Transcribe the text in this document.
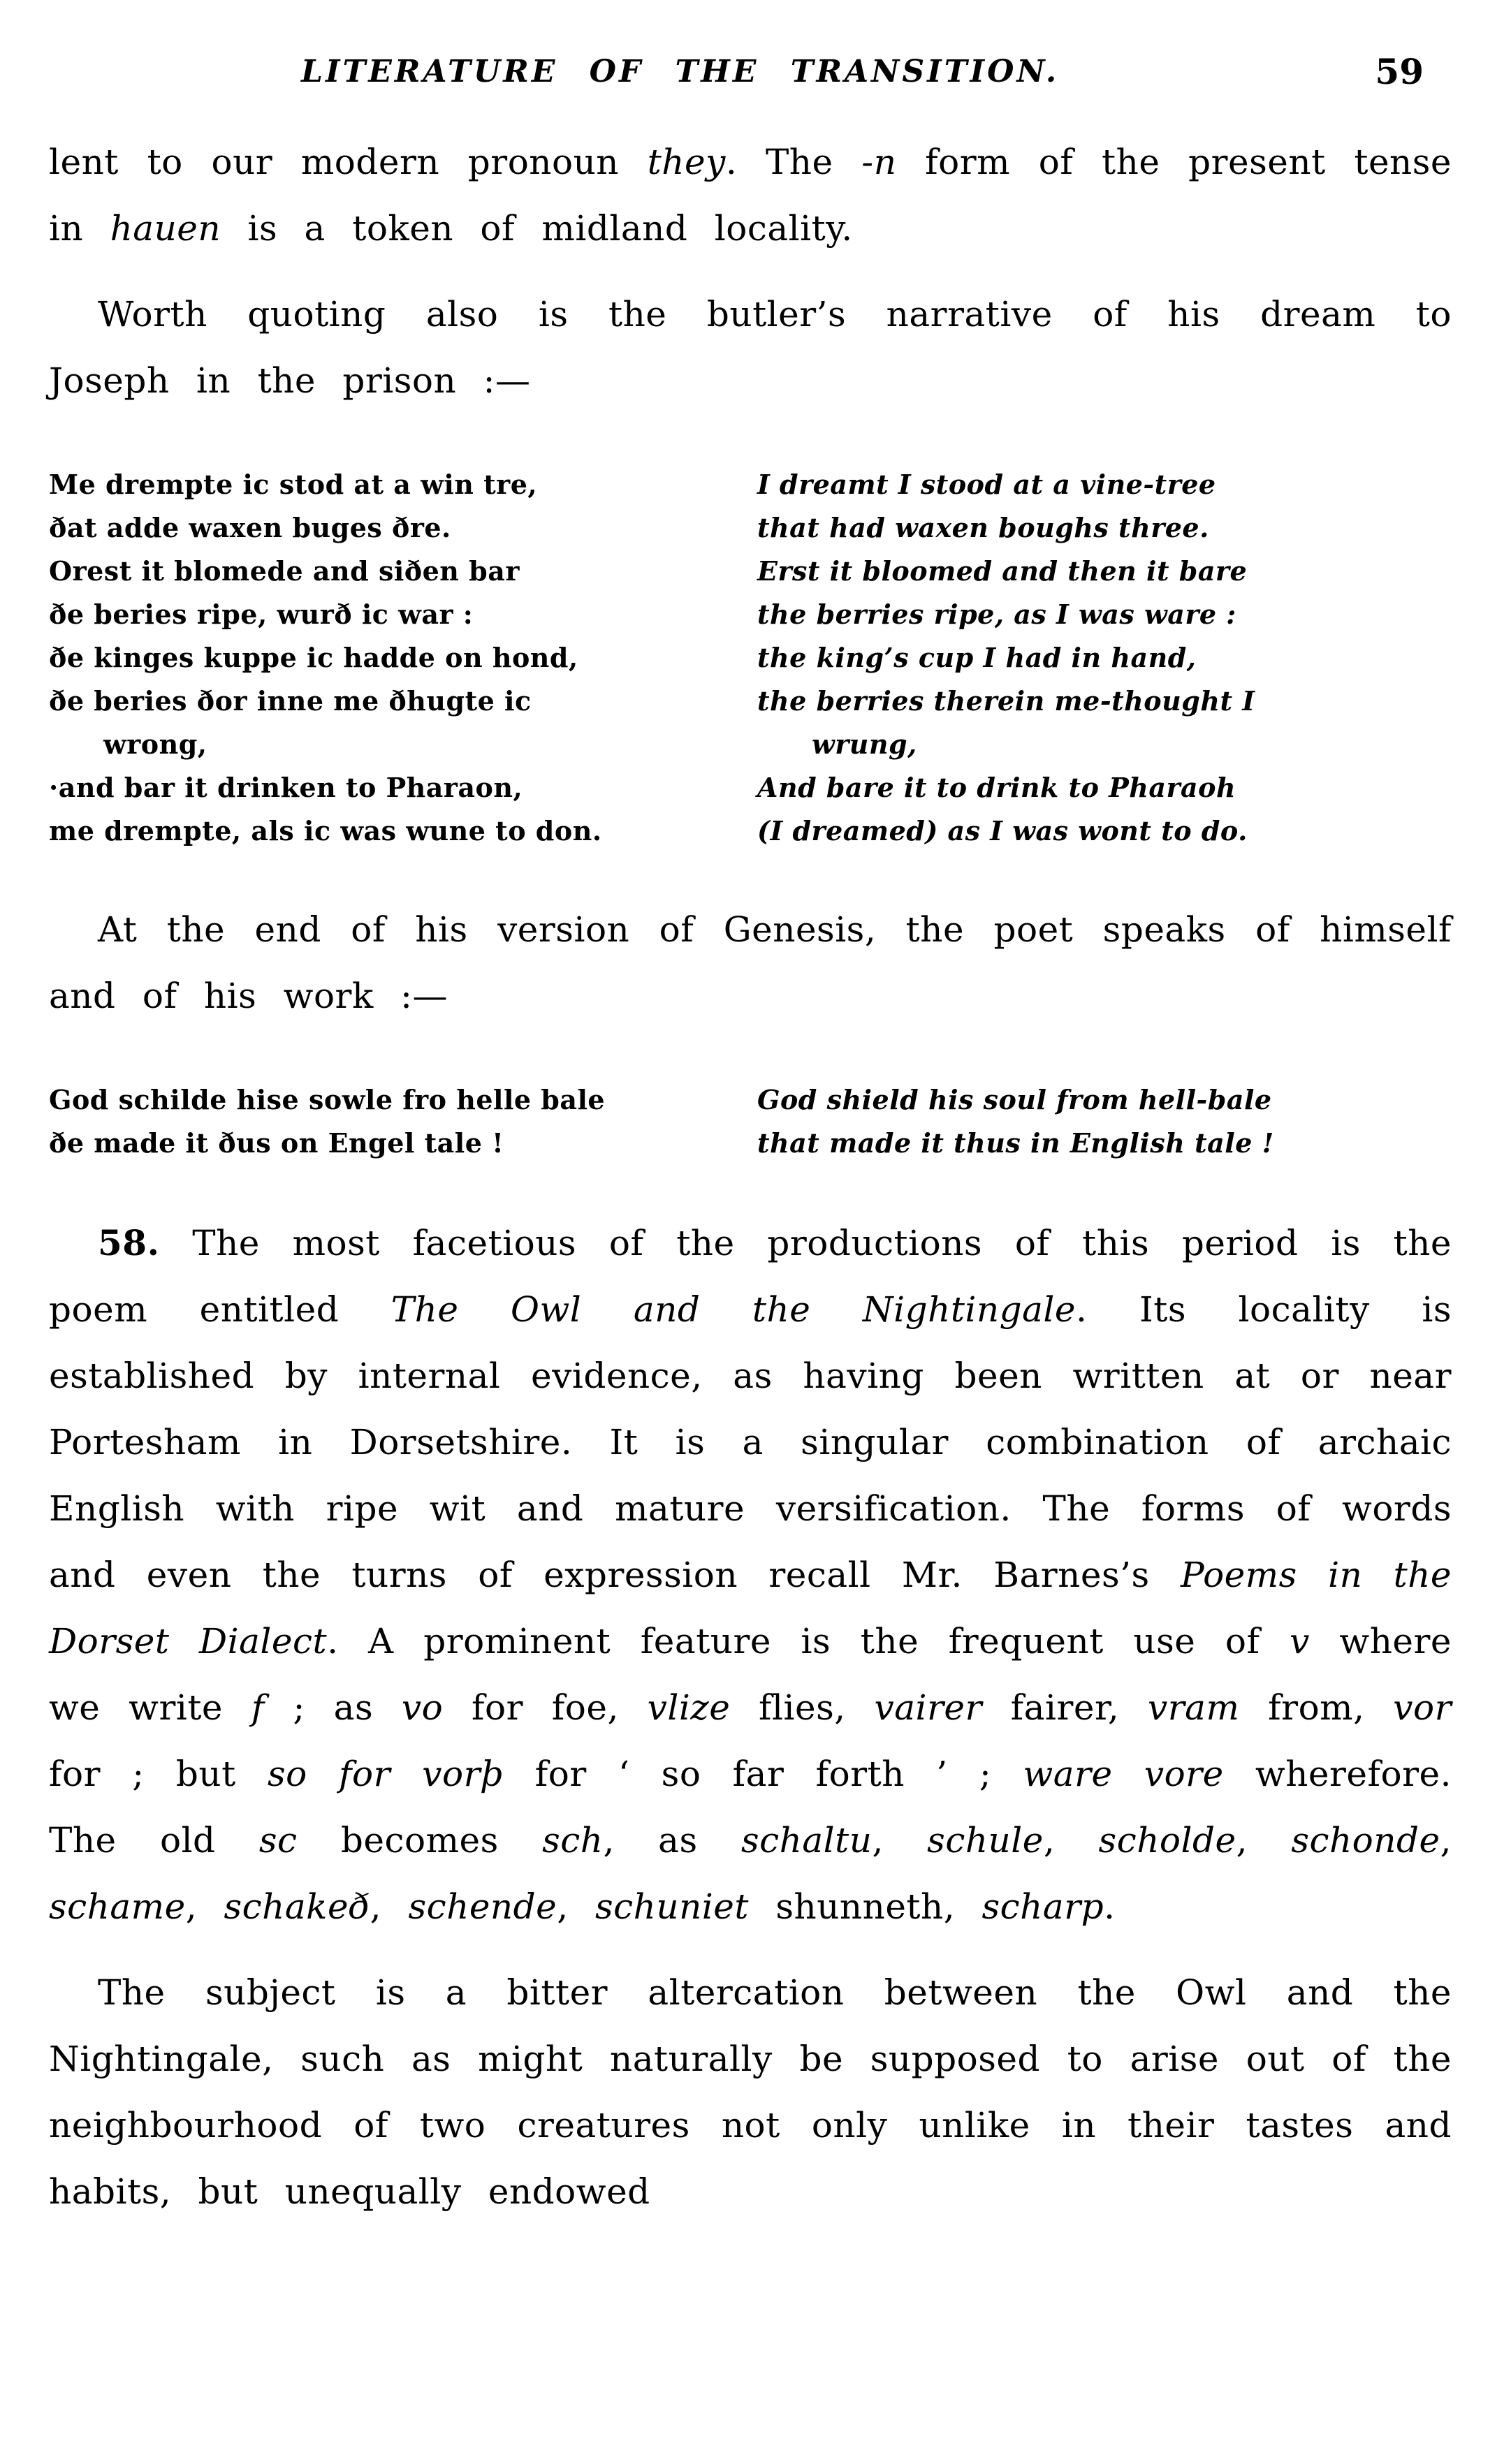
LITERATURE OF THE TRANSITION.	59

lent to our modern pronoun they. The -n form of the present tense in hauen is a token of midland locality.

Worth quoting also is the butler’s narrative of his dream to Joseph in the prison :—

Me drempte ic stod at a win tre,
ðat adde waxen buges ðre.
Orest it blomede and siðen bar
ðe beries ripe, wurð ic war :
ðe kinges kuppe ic hadde on hond,
ðe beries ðor inne me ðhugte ic
wrong,
·and bar it drinken to Pharaon,
me drempte, als ic was wune to don.
I dreamt I stood at a vine-tree
that had waxen boughs three.
Erst it bloomed and then it bare
the berries ripe, as I was ware :
the king’s cup I had in hand,
the berries therein me-thought I
wrung,
And bare it to drink to Pharaoh
(I dreamed) as I was wont to do.

At the end of his version of Genesis, the poet speaks of himself and of his work :—

God schilde hise sowle fro helle bale
ðe made it ðus on Engel tale !
God shield his soul from hell-bale
that made it thus in English tale !

58. The most facetious of the productions of this period is the poem entitled The Owl and the Nightingale. Its locality is established by internal evidence, as having been written at or near Portesham in Dorsetshire. It is a singular combination of archaic English with ripe wit and mature versification. The forms of words and even the turns of expression recall Mr. Barnes’s Poems in the Dorset Dialect. A prominent feature is the frequent use of v where we write f ; as vo for foe, vlize flies, vairer fairer, vram from, vor for ; but so for vorþ for ‘ so far forth ’ ; ware vore wherefore. The old sc becomes sch, as schaltu, schule, scholde, schonde, schame, schakeð, schende, schuniet shunneth, scharp.

The subject is a bitter altercation between the Owl and the Nightingale, such as might naturally be supposed to arise out of the neighbourhood of two creatures not only unlike in their tastes and habits, but unequally endowed
